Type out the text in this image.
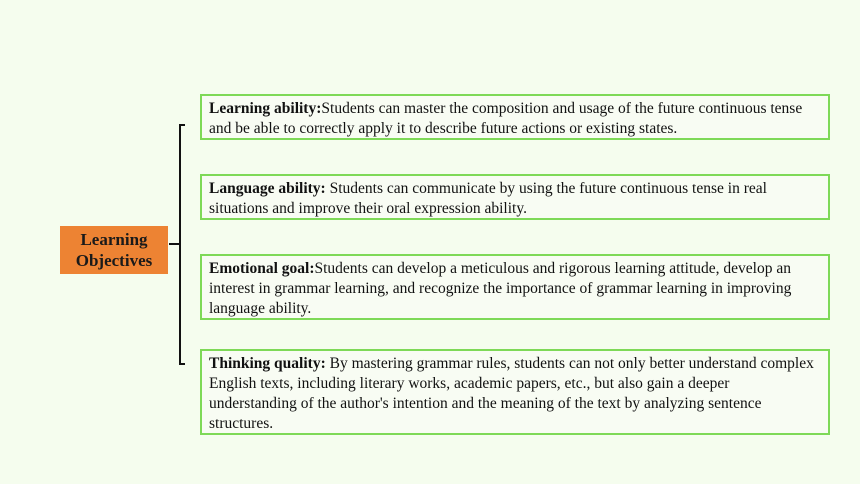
Learning Objectives
Learning ability:Students can master the composition and usage of the future continuous tense and be able to correctly apply it to describe future actions or existing states.
Language ability: Students can communicate by using the future continuous tense in real situations and improve their oral expression ability.
Emotional goal:Students can develop a meticulous and rigorous learning attitude, develop an interest in grammar learning, and recognize the importance of grammar learning in improving language ability.
Thinking quality: By mastering grammar rules, students can not only better understand complex English texts, including literary works, academic papers, etc., but also gain a deeper understanding of the author's intention and the meaning of the text by analyzing sentence structures.
